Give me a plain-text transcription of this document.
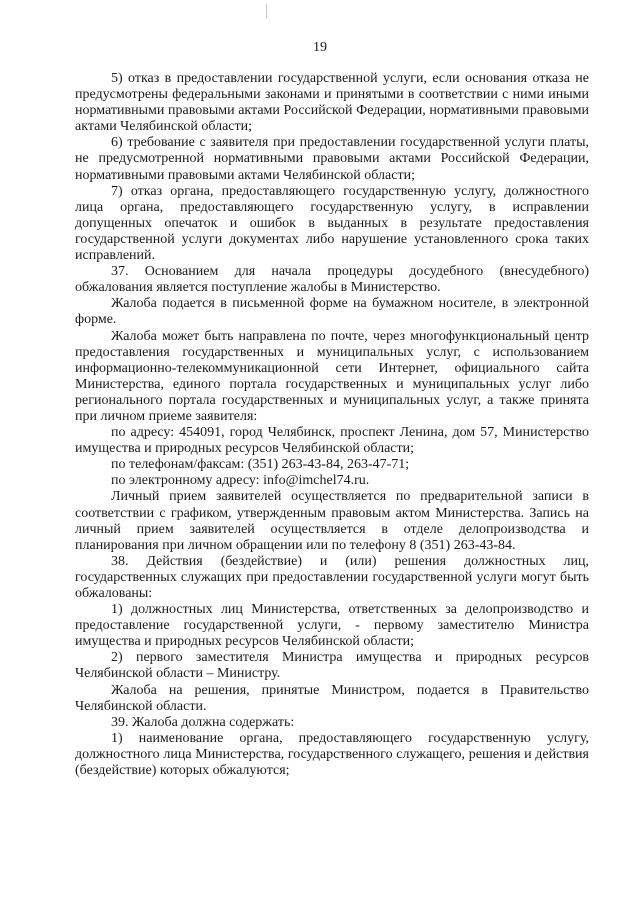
19

5) отказ в предоставлении государственной услуги, если основания отказа не предусмотрены федеральными законами и принятыми в соответствии с ними иными нормативными правовыми актами Российской Федерации, нормативными правовыми актами Челябинской области;

6) требование с заявителя при предоставлении государственной услуги платы, не предусмотренной нормативными правовыми актами Российской Федерации, нормативными правовыми актами Челябинской области;

7) отказ органа, предоставляющего государственную услугу, должностного лица органа, предоставляющего государственную услугу, в исправлении допущенных опечаток и ошибок в выданных в результате предоставления государственной услуги документах либо нарушение установленного срока таких исправлений.

37. Основанием для начала процедуры досудебного (внесудебного) обжалования является поступление жалобы в Министерство.

Жалоба подается в письменной форме на бумажном носителе, в электронной форме.

Жалоба может быть направлена по почте, через многофункциональный центр предоставления государственных и муниципальных услуг, с использованием информационно-телекоммуникационной сети Интернет, официального сайта Министерства, единого портала государственных и муниципальных услуг либо регионального портала государственных и муниципальных услуг, а также принята при личном приеме заявителя:

по адресу: 454091, город Челябинск, проспект Ленина, дом 57, Министерство имущества и природных ресурсов Челябинской области;

по телефонам/факсам: (351) 263-43-84, 263-47-71;

по электронному адресу: info@imchel74.ru.

Личный прием заявителей осуществляется по предварительной записи в соответствии с графиком, утвержденным правовым актом Министерства. Запись на личный прием заявителей осуществляется в отделе делопроизводства и планирования при личном обращении или по телефону 8 (351) 263-43-84.

38. Действия (бездействие) и (или) решения должностных лиц, государственных служащих при предоставлении государственной услуги могут быть обжалованы:

1) должностных лиц Министерства, ответственных за делопроизводство и предоставление государственной услуги, - первому заместителю Министра имущества и природных ресурсов Челябинской области;

2) первого заместителя Министра имущества и природных ресурсов Челябинской области – Министру.

Жалоба на решения, принятые Министром, подается в Правительство Челябинской области.

39. Жалоба должна содержать:

1) наименование органа, предоставляющего государственную услугу, должностного лица Министерства, государственного служащего, решения и действия (бездействие) которых обжалуются;
